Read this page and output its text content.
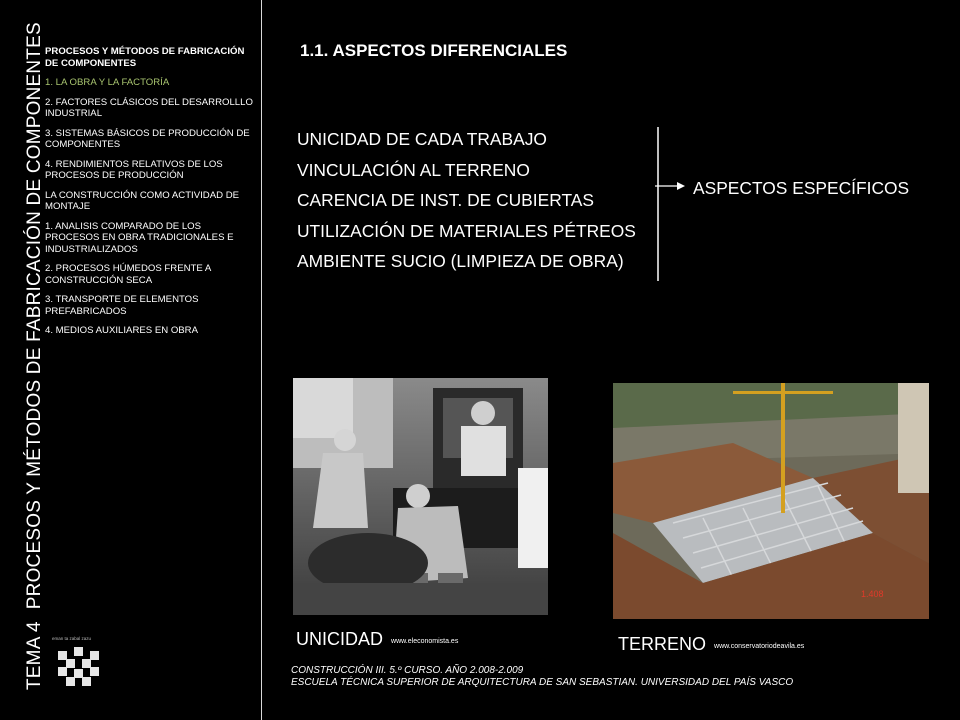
TEMA 4PROCESOS Y MÉTODOS DE FABRICACIÓN DE COMPONENTES
eman ta zabal zazu
PROCESOS Y MÉTODOS DE FABRICACIÓN
DE COMPONENTES
1. LA OBRA Y LA FACTORÍA
2. FACTORES CLÁSICOS DEL DESARROLLLO INDUSTRIAL
3. SISTEMAS BÁSICOS DE PRODUCCIÓN DE COMPONENTES
4. RENDIMIENTOS RELATIVOS DE LOS PROCESOS DE PRODUCCIÓN
LA CONSTRUCCIÓN COMO ACTIVIDAD DE MONTAJE
1. ANALISIS COMPARADO DE LOS PROCESOS EN OBRA TRADICIONALES E INDUSTRIALIZADOS
2. PROCESOS HÚMEDOS FRENTE A CONSTRUCCIÓN SECA
3. TRANSPORTE DE ELEMENTOS PREFABRICADOS
4. MEDIOS AUXILIARES EN OBRA
1.1. ASPECTOS DIFERENCIALES
UNICIDAD DE CADA TRABAJO
VINCULACIÓN AL TERRENO
CARENCIA DE INST. DE CUBIERTAS
UTILIZACIÓN DE MATERIALES PÉTREOS
AMBIENTE SUCIO (LIMPIEZA DE OBRA)
ASPECTOS ESPECÍFICOS
1.408
UNICIDAD www.eleconomista.es	TERRENO www.conservatoriodeavila.es
CONSTRUCCIÓN III. 5.º CURSO. AÑO 2.008-2.009
ESCUELA TÉCNICA SUPERIOR DE ARQUITECTURA DE SAN SEBASTIAN. UNIVERSIDAD DEL PAÍS VASCO
